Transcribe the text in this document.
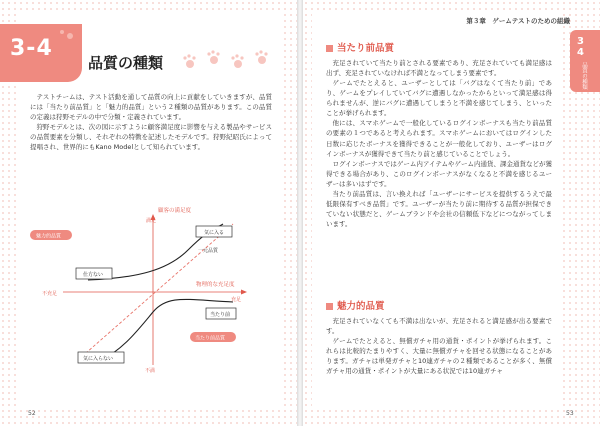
3-4
品質の種類

テストチームは、テスト活動を通して品質の向上に貢献をしていきますが、品質には「当たり前品質」と「魅力的品質」という２種類の品質があります。この品質の定義は狩野モデルの中で分類・定義されています。

狩野モデルとは、次の図に示すように顧客満足度に影響を与える製品やサービスの品質要素を分類し、それぞれの特徴を記述したモデルです。狩野紀昭氏によって提唱され、世界的にもKano Modelとして知られています。

顧客の満足度
満足
不満
物理的な充足度
不充足
充足
一元品質
魅力的品質
当たり前品質
気に入る
仕方ない
当たり前
気に入らない
52
第３章　ゲームテストのための組織
3
4
品質の種類
当たり前品質

充足されていて当たり前とされる要素であり、充足されていても満足感は出ず、充足されていなければ不満となってしまう要素です。

ゲームでたとえると、ユーザーとしては「バグはなくて当たり前」であり、ゲームをプレイしていてバグに遭遇しなかったからといって満足感は得られませんが、逆にバグに遭遇してしまうと不満を感じてしまう、といったことが挙げられます。

他には、スマホゲームで一般化しているログインボーナスも当たり前品質の要素の１つであると考えられます。スマホゲームにおいてはログインした日数に応じたボーナスを獲得できることが一般化しており、ユーザーはログインボーナスが獲得できて当たり前と感じていることでしょう。

ログインボーナスではゲーム内アイテムやゲーム内通貨、課金通貨などが獲得できる場合があり、このログインボーナスがなくなると不満を感じるユーザーは多いはずです。

当たり前品質は、言い換えれば「ユーザーにサービスを提供するうえで最低限保有すべき品質」です。ユーザーが当たり前に期待する品質が担保できていない状態だと、ゲームブランドや会社の信頼低下などにつながってしまいます。

魅力的品質

充足されていなくても不満は出ないが、充足されると満足感が出る要素です。

ゲームでたとえると、無償ガチャ用の通貨・ポイントが挙げられます。これらは比較的たまりやすく、大量に無償ガチャを回せる状態になることがあります。ガチャは単発ガチャと10連ガチャの２種類であることが多く、無償ガチャ用の通貨・ポイントが大量にある状況では10連ガチャ

53
